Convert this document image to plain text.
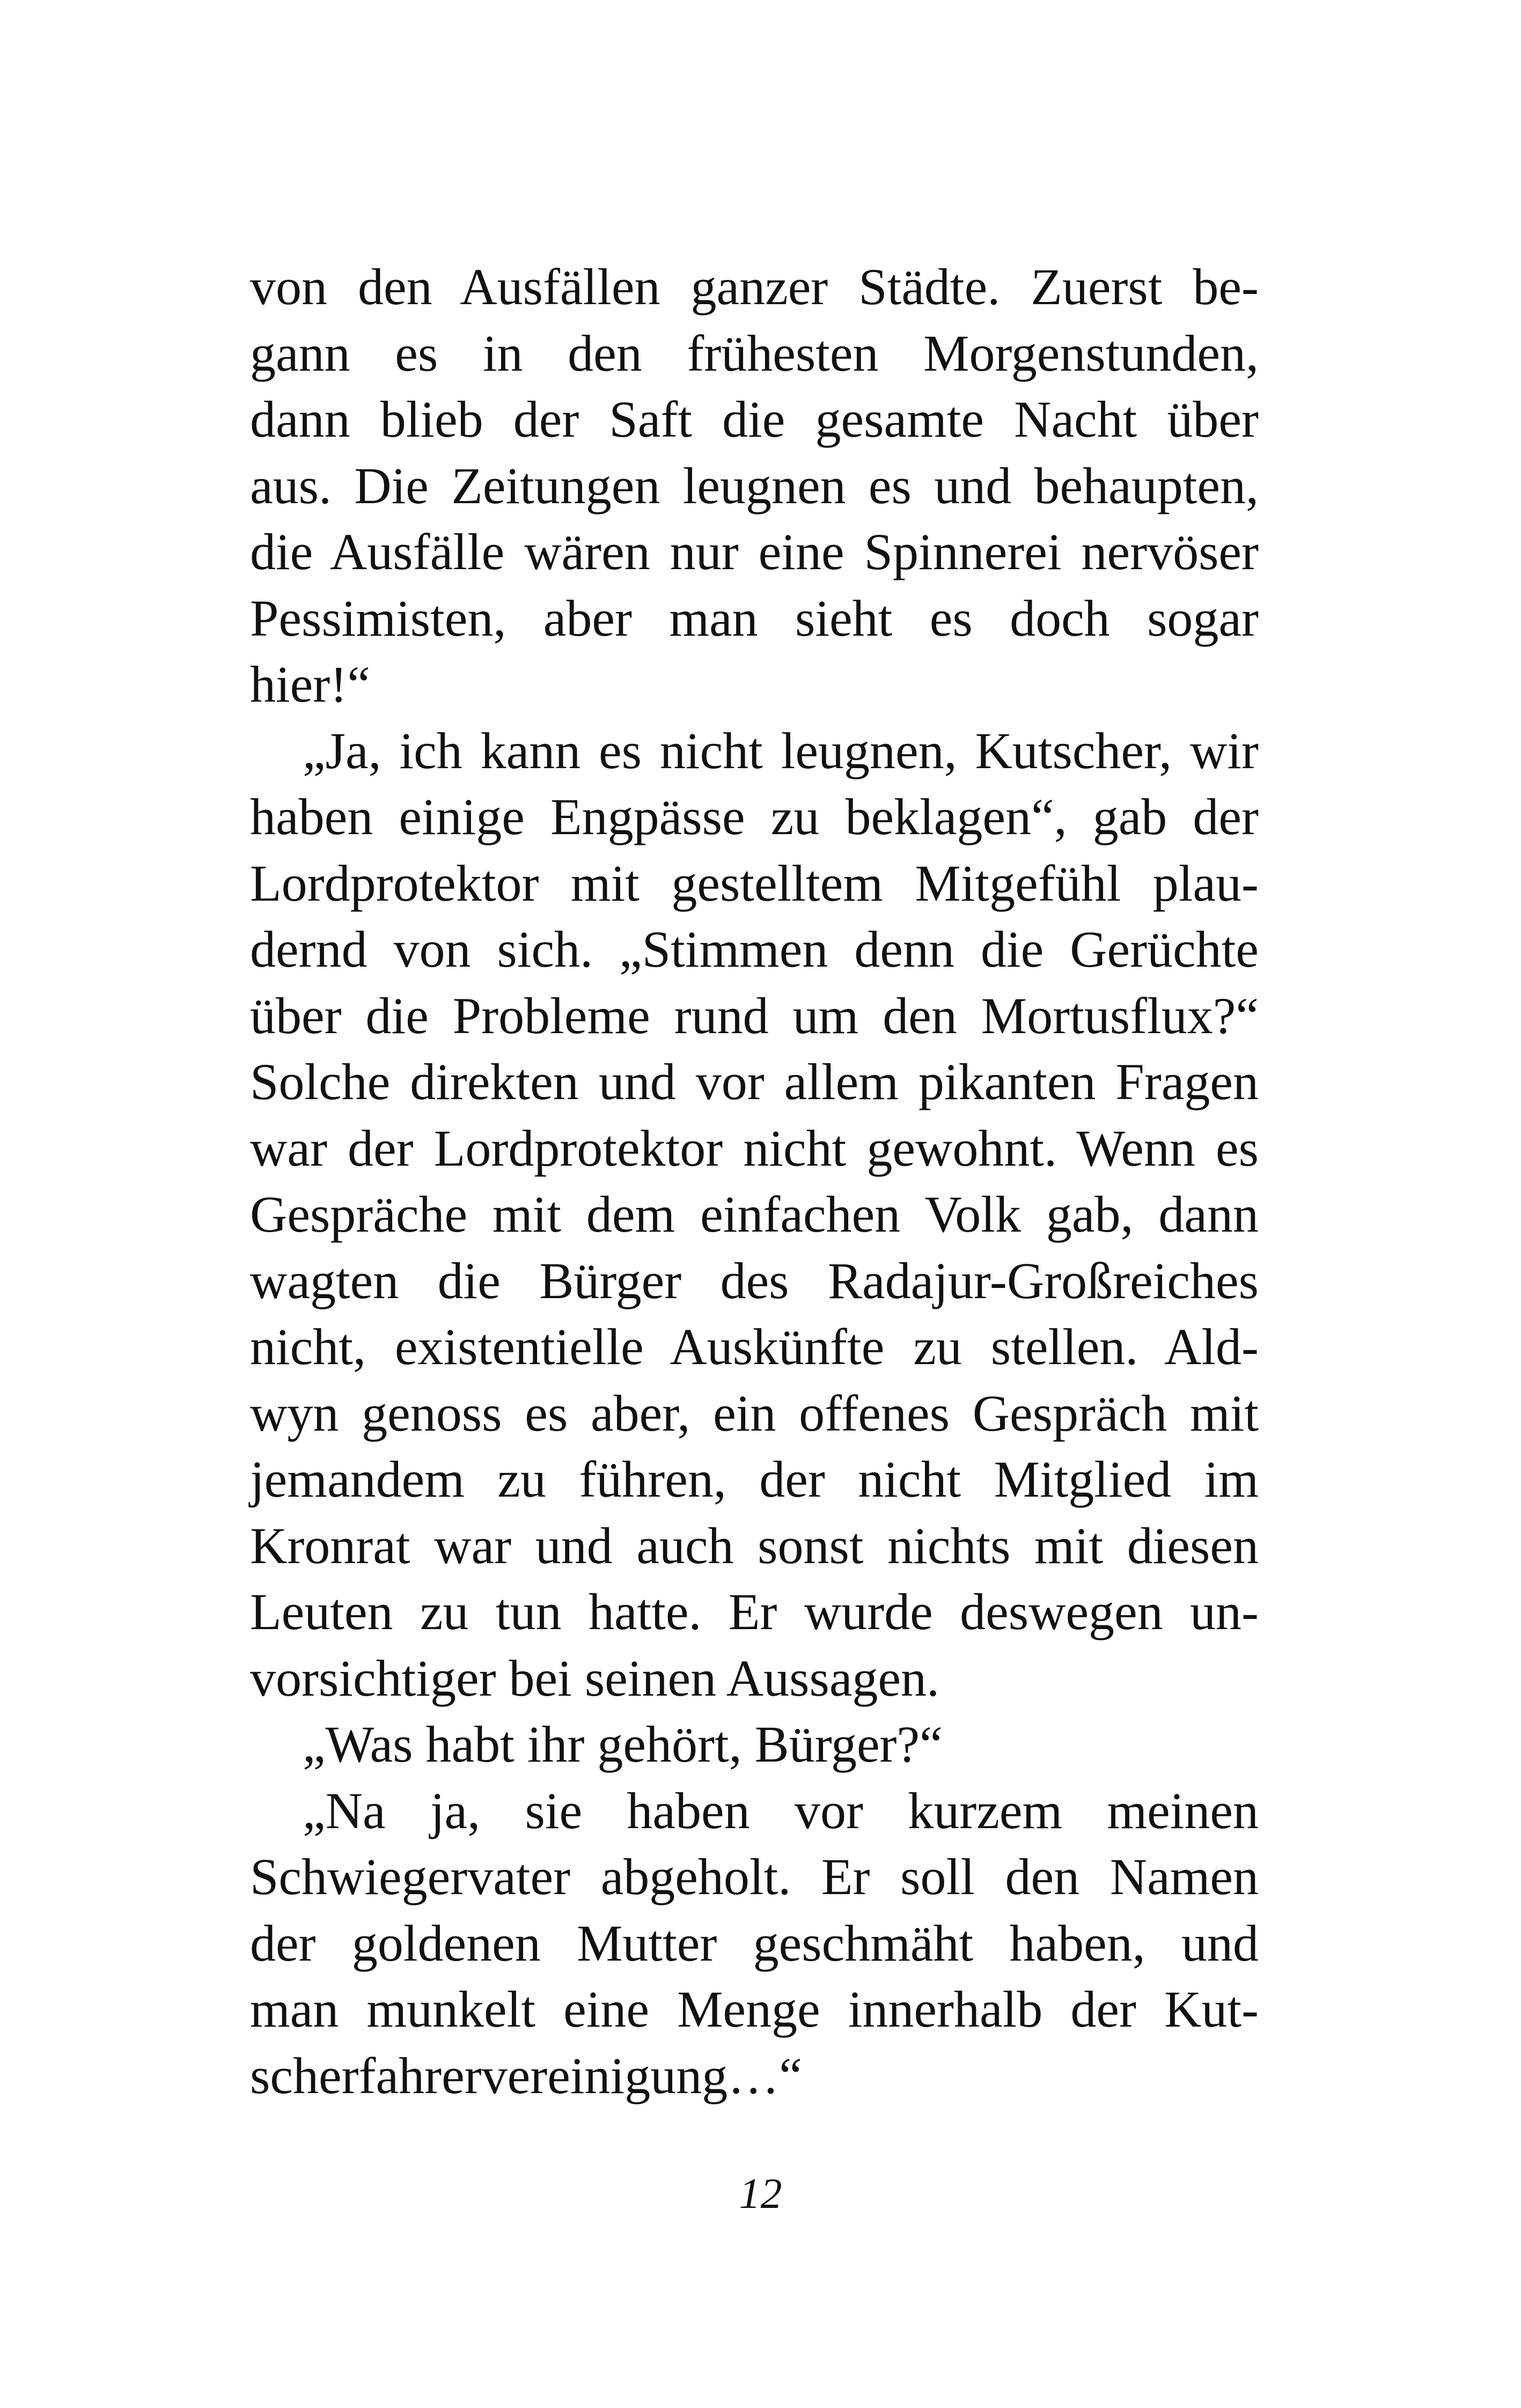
von den Ausfällen ganzer Städte. Zuerst be-
gann es in den frühesten Morgenstunden,
dann blieb der Saft die gesamte Nacht über
aus. Die Zeitungen leugnen es und behaupten,
die Ausfälle wären nur eine Spinnerei nervöser
Pessimisten, aber man sieht es doch sogar
hier!“
„Ja, ich kann es nicht leugnen, Kutscher, wir
haben einige Engpässe zu beklagen“, gab der
Lordprotektor mit gestelltem Mitgefühl plau-
dernd von sich. „Stimmen denn die Gerüchte
über die Probleme rund um den Mortusflux?“
Solche direkten und vor allem pikanten Fragen
war der Lordprotektor nicht gewohnt. Wenn es
Gespräche mit dem einfachen Volk gab, dann
wagten die Bürger des Radajur-Großreiches
nicht, existentielle Auskünfte zu stellen. Ald-
wyn genoss es aber, ein offenes Gespräch mit
jemandem zu führen, der nicht Mitglied im
Kronrat war und auch sonst nichts mit diesen
Leuten zu tun hatte. Er wurde deswegen un-
vorsichtiger bei seinen Aussagen.
„Was habt ihr gehört, Bürger?“
„Na ja, sie haben vor kurzem meinen
Schwiegervater abgeholt. Er soll den Namen
der goldenen Mutter geschmäht haben, und
man munkelt eine Menge innerhalb der Kut-
scherfahrervereinigung…“
12
